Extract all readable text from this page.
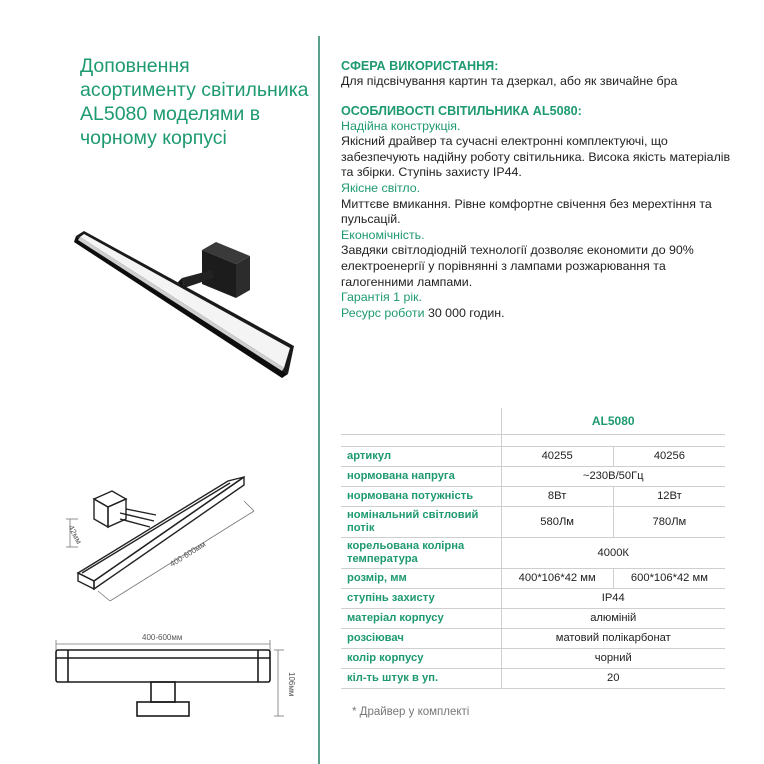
Доповнення асортименту світильника AL5080 моделями в чорному корпусі
400-600мм
42мм
400-600мм
106мм
СФЕРА ВИКОРИСТАННЯ:
Для підсвічування картин та дзеркал, або як звичайне бра
ОСОБЛИВОСТІ СВІТИЛЬНИКА AL5080:
Надійна конструкція.
Якісний драйвер та сучасні електронні комплектуючі, що забезпечують надійну роботу світильника. Висока якість матеріалів та збірки. Ступінь захисту IP44.
Якісне світло.
Миттєве вмикання. Рівне комфортне свічення без мерехтіння та пульсацій.
Економічність.
Завдяки світлодіодній технології дозволяє економити до 90% електроенергії у порівнянні з лампами розжарювання та галогенними лампами.
Гарантія 1 рік.
Ресурс роботи 30 000 годин.
	AL5080	

артикул	40255	40256
нормована напруга	~230В/50Гц	
нормована потужність	8Вт	12Вт
номінальний світловий потік	580Лм	780Лм
корельована колірна температура	4000К	
розмір, мм	400*106*42 мм	600*106*42 мм
ступінь захисту	IP44	
матеріал корпусу	алюміній	
розсіювач	матовий полікарбонат	
колір корпусу	чорний	
кіл-ть штук в уп.	20	
* Драйвер у комплекті
